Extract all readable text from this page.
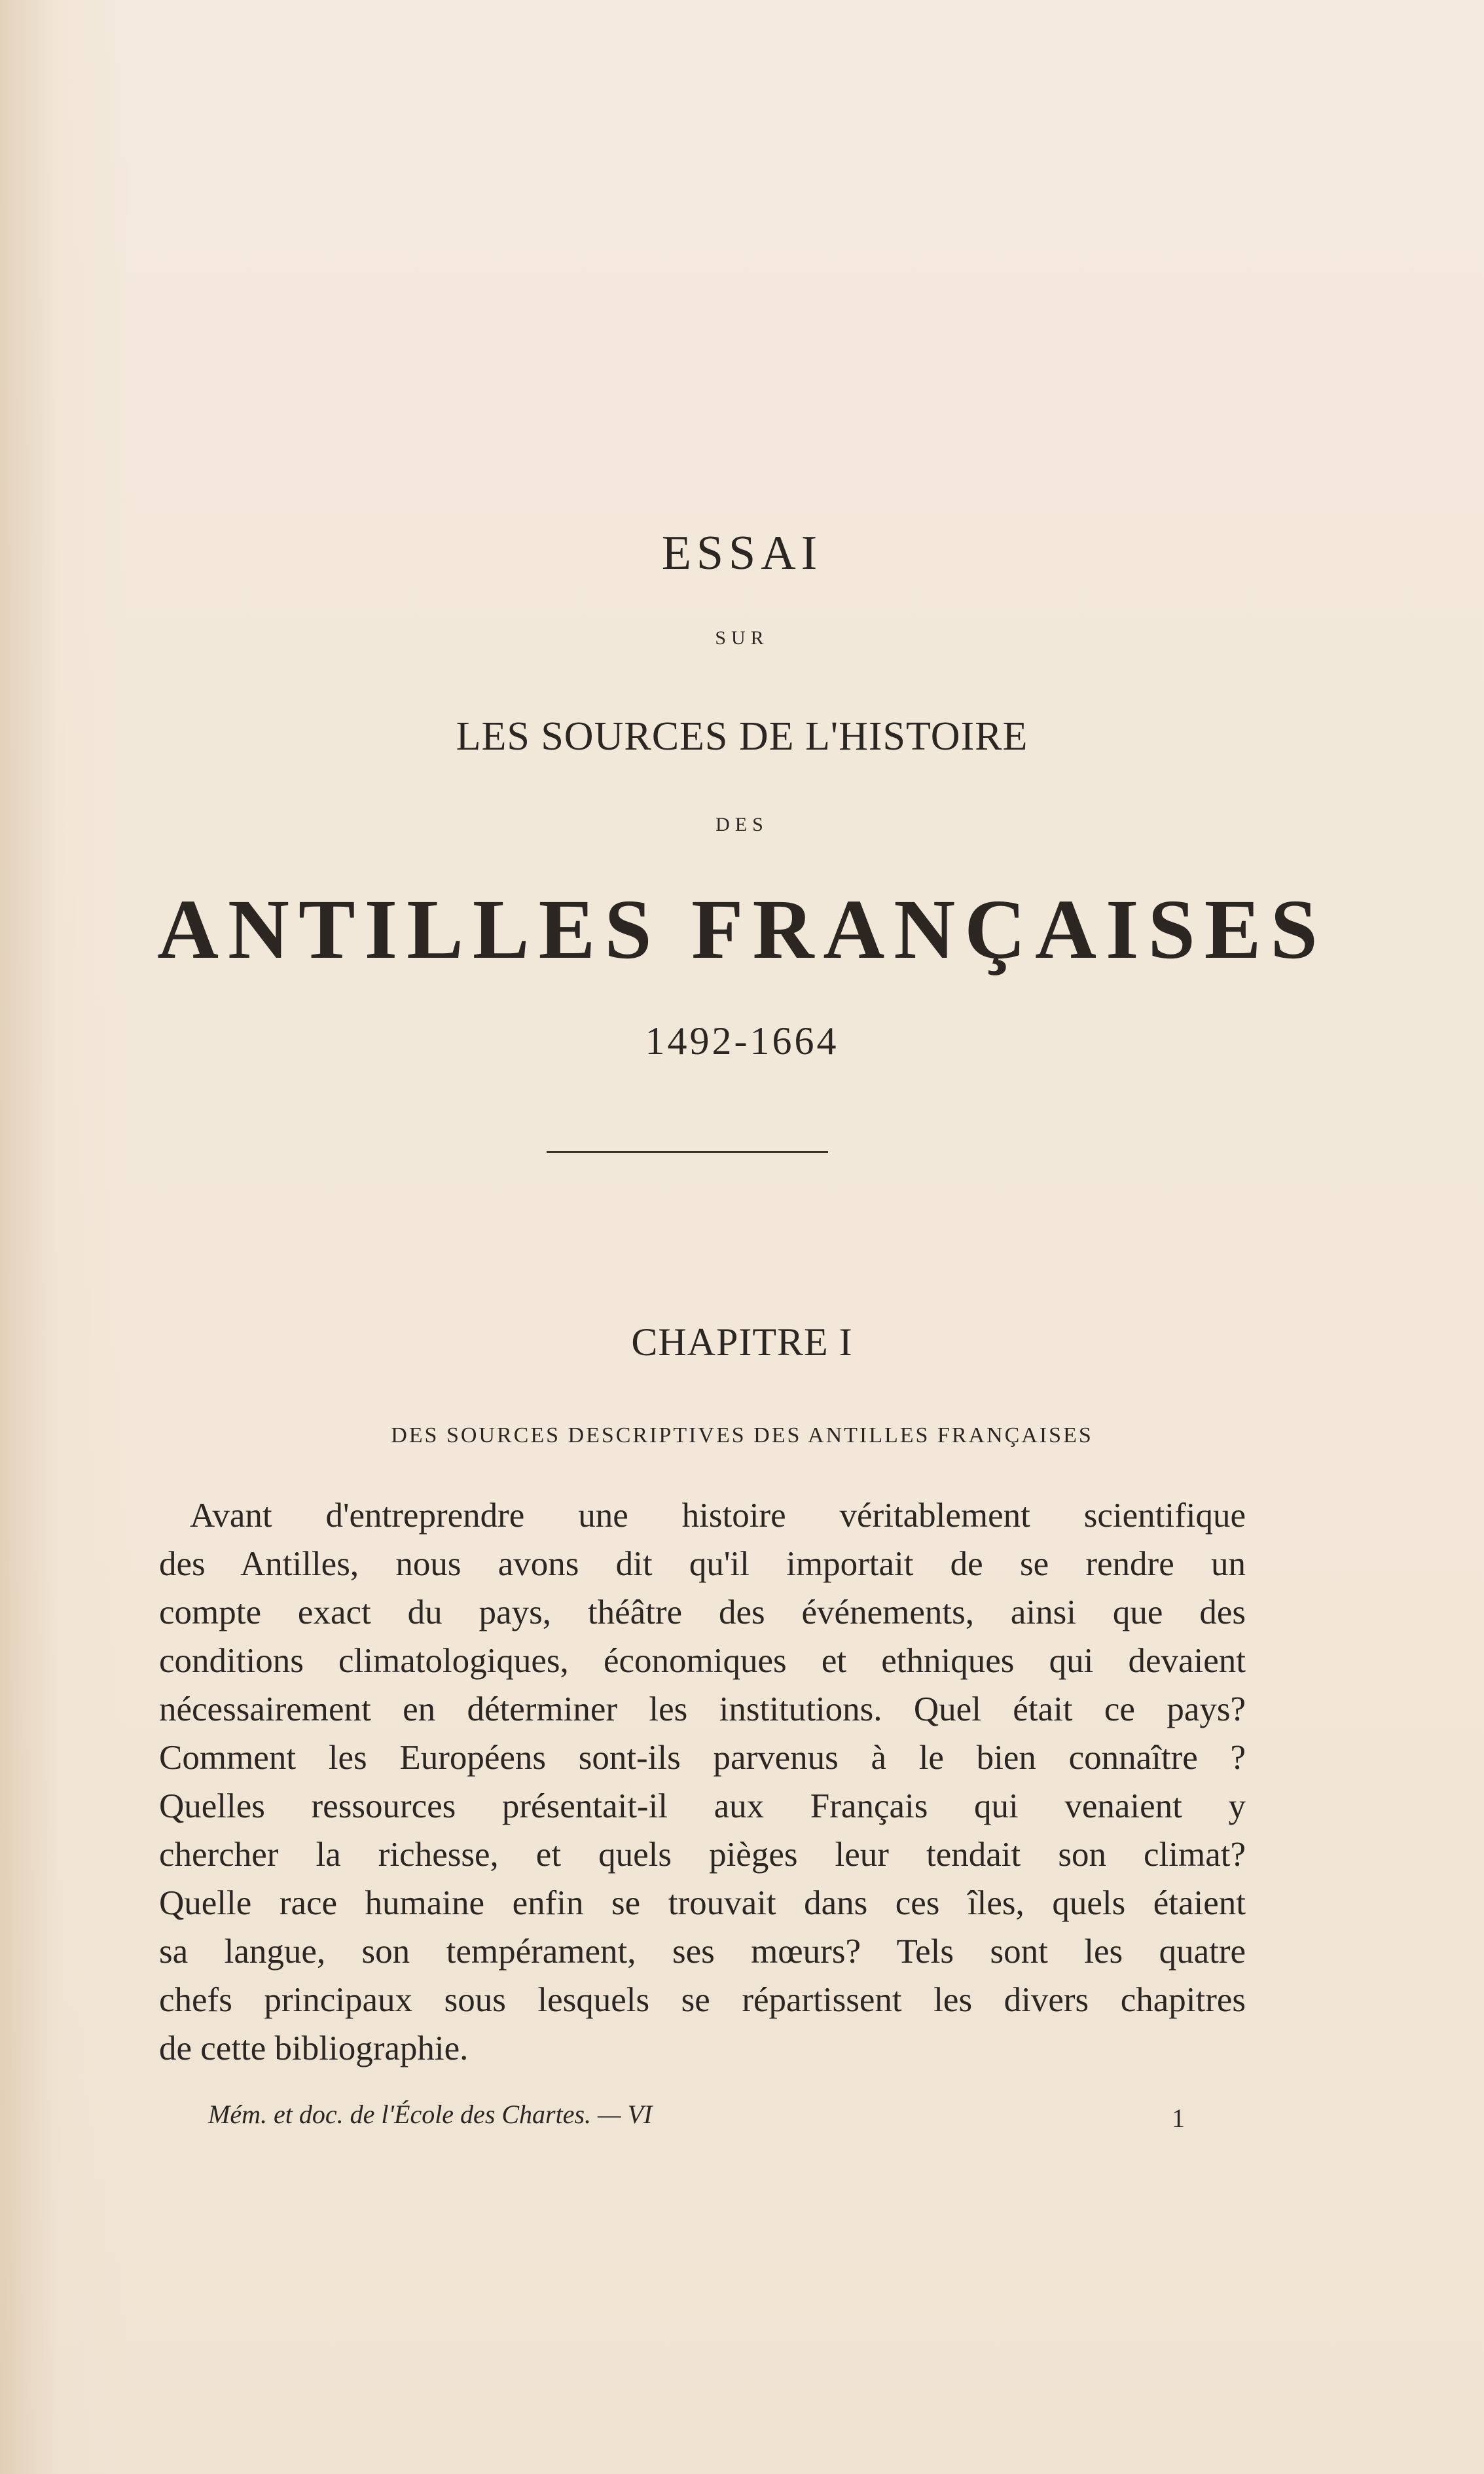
ESSAI
SUR
LES SOURCES DE L'HISTOIRE
DES
ANTILLES FRANÇAISES
1492-1664
CHAPITRE I
DES SOURCES DESCRIPTIVES DES ANTILLES FRANÇAISES
Avant d'entreprendre une histoire véritablement scientifique
des Antilles, nous avons dit qu'il importait de se rendre un
compte exact du pays, théâtre des événements, ainsi que des
conditions climatologiques, économiques et ethniques qui devaient
nécessairement en déterminer les institutions. Quel était ce pays?
Comment les Européens sont-ils parvenus à le bien connaître ?
Quelles ressources présentait-il aux Français qui venaient y
chercher la richesse, et quels pièges leur tendait son climat?
Quelle race humaine enfin se trouvait dans ces îles, quels étaient
sa langue, son tempérament, ses mœurs? Tels sont les quatre
chefs principaux sous lesquels se répartissent les divers chapitres
de cette bibliographie.
Mém. et doc. de l'École des Chartes. — VI	1
